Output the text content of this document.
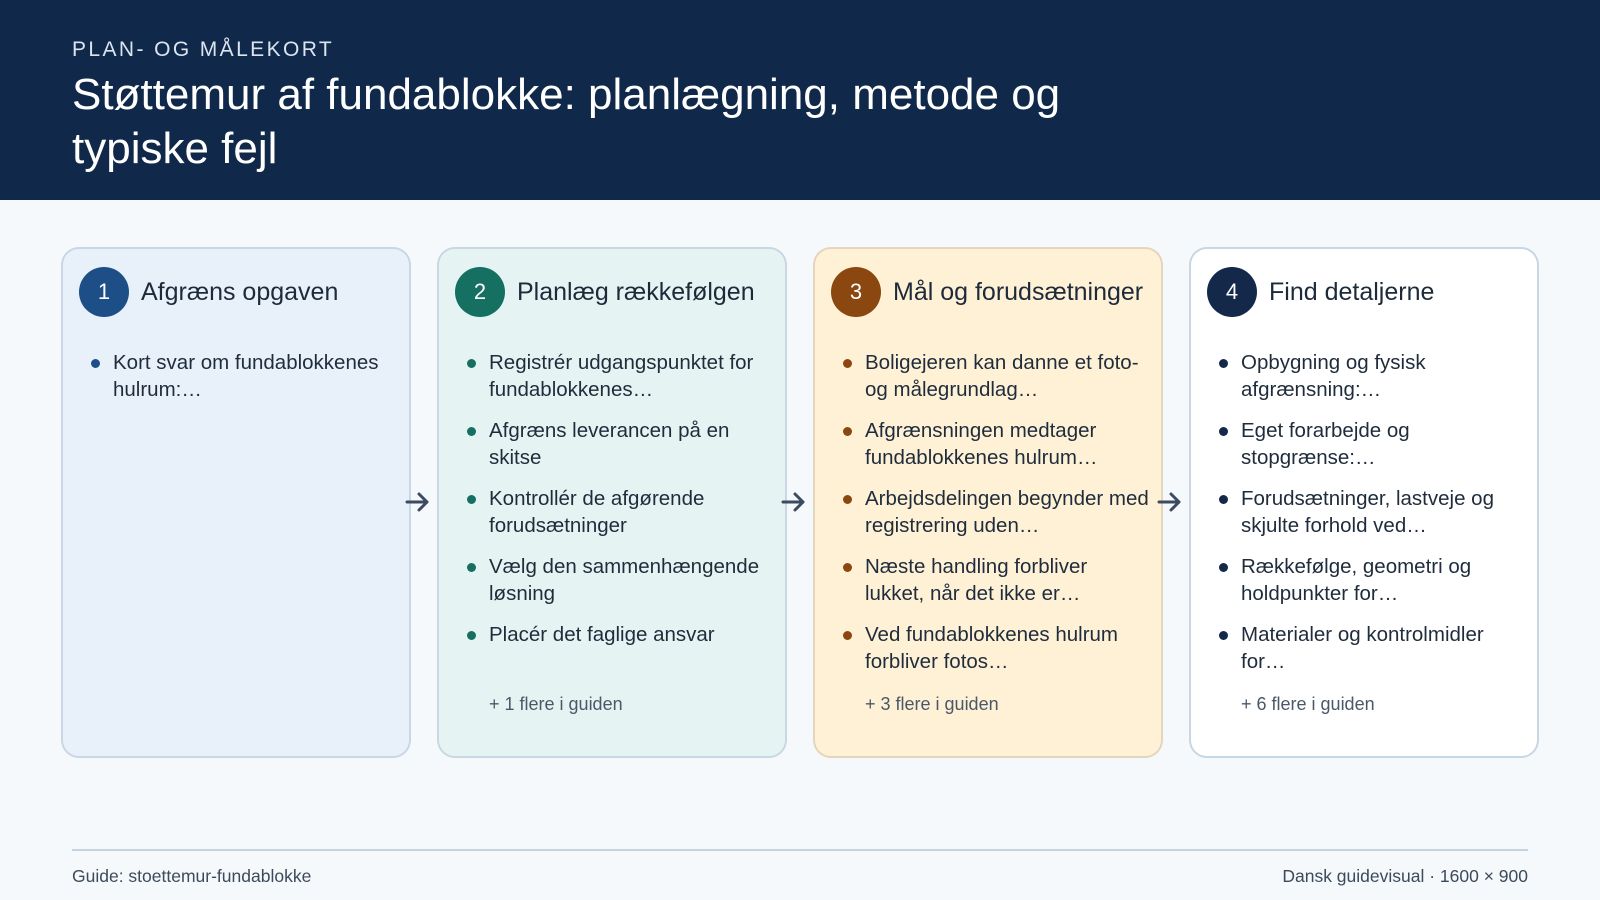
PLAN- OG MÅLEKORT
Støttemur af fundablokke: planlægning, metode og typiske fejl
1	Afgræns opgaven
Kort svar om fundablokkenes hulrum:…
2	Planlæg rækkefølgen
Registrér udgangspunktet for fundablokkenes…
Afgræns leverancen på en skitse
Kontrollér de afgørende forudsætninger
Vælg den sammenhængende løsning
Placér det faglige ansvar
+ 1 flere i guiden
3	Mål og forudsætninger
Boligejeren kan danne et foto- og målegrundlag…
Afgrænsningen medtager fundablokkenes hulrum…
Arbejdsdelingen begynder med registrering uden…
Næste handling forbliver lukket, når det ikke er…
Ved fundablokkenes hulrum forbliver fotos…
+ 3 flere i guiden
4	Find detaljerne
Opbygning og fysisk afgrænsning:…
Eget forarbejde og stopgrænse:…
Forudsætninger, lastveje og skjulte forhold ved…
Rækkefølge, geometri og holdpunkter for…
Materialer og kontrolmidler for…
+ 6 flere i guiden
Guide: stoettemur-fundablokke	Dansk guidevisual · 1600 × 900
